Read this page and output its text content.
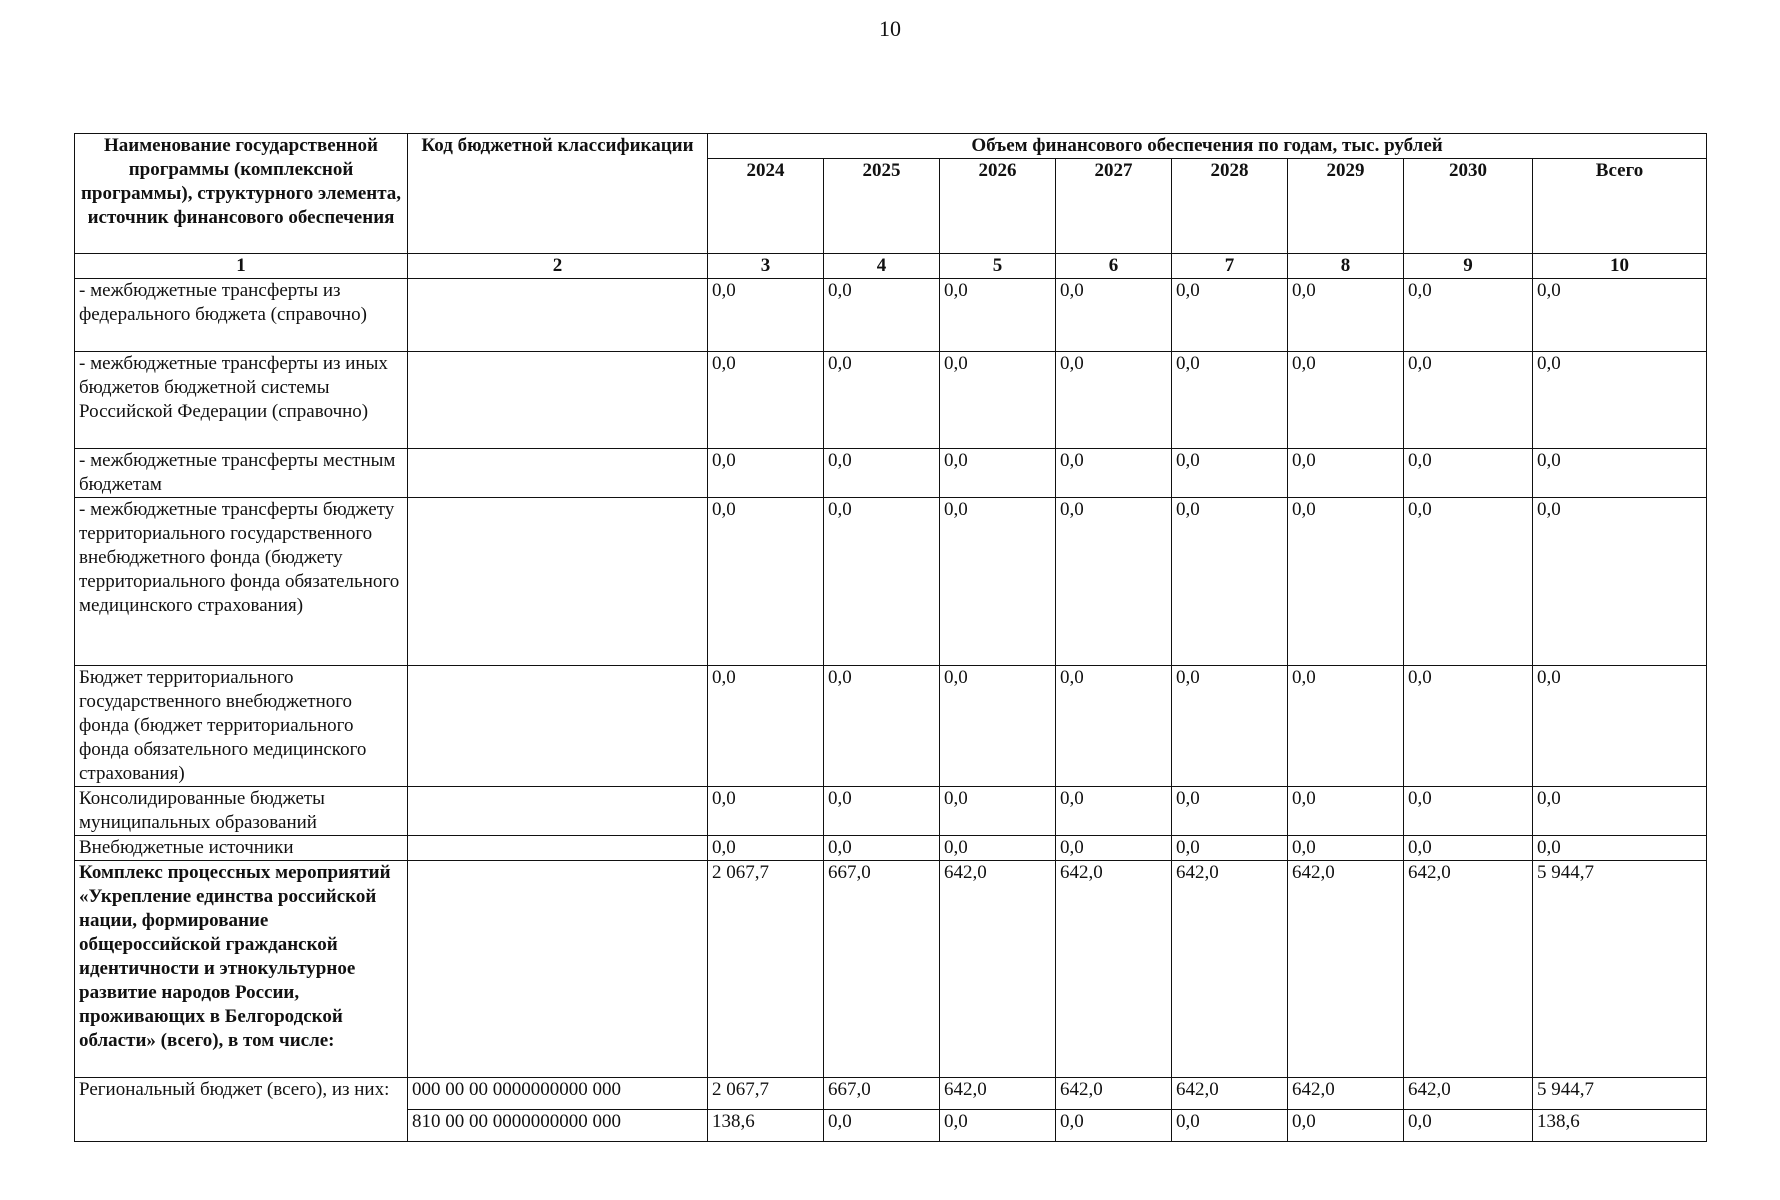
10
Наименование государственной программы (комплексной программы), структурного элемента, источник финансового обеспечения	Код бюджетной классификации	Объем финансового обеспечения по годам, тыс. рублей							
		2024	2025	2026	2027	2028	2029	2030	Всего
1	2	3	4	5	6	7	8	9	10
- межбюджетные трансферты из федерального бюджета (справочно)		0,0	0,0	0,0	0,0	0,0	0,0	0,0	0,0
- межбюджетные трансферты из иных бюджетов бюджетной системы Российской Федерации (справочно)		0,0	0,0	0,0	0,0	0,0	0,0	0,0	0,0
- межбюджетные трансферты местным бюджетам		0,0	0,0	0,0	0,0	0,0	0,0	0,0	0,0
- межбюджетные трансферты бюджету территориального государственного внебюджетного фонда (бюджету территориального фонда обязательного медицинского страхования)		0,0	0,0	0,0	0,0	0,0	0,0	0,0	0,0
Бюджет территориального государственного внебюджетного фонда (бюджет территориального фонда обязательного медицинского страхования)		0,0	0,0	0,0	0,0	0,0	0,0	0,0	0,0
Консолидированные бюджеты муниципальных образований		0,0	0,0	0,0	0,0	0,0	0,0	0,0	0,0
Внебюджетные источники		0,0	0,0	0,0	0,0	0,0	0,0	0,0	0,0
Комплекс процессных мероприятий «Укрепление единства российской нации, формирование общероссийской гражданской идентичности и этнокультурное развитие народов России, проживающих в Белгородской области» (всего), в том числе:		2 067,7	667,0	642,0	642,0	642,0	642,0	642,0	5 944,7
Региональный бюджет (всего), из них:	000 00 00 0000000000 000	2 067,7	667,0	642,0	642,0	642,0	642,0	642,0	5 944,7
	810 00 00 0000000000 000	138,6	0,0	0,0	0,0	0,0	0,0	0,0	138,6
